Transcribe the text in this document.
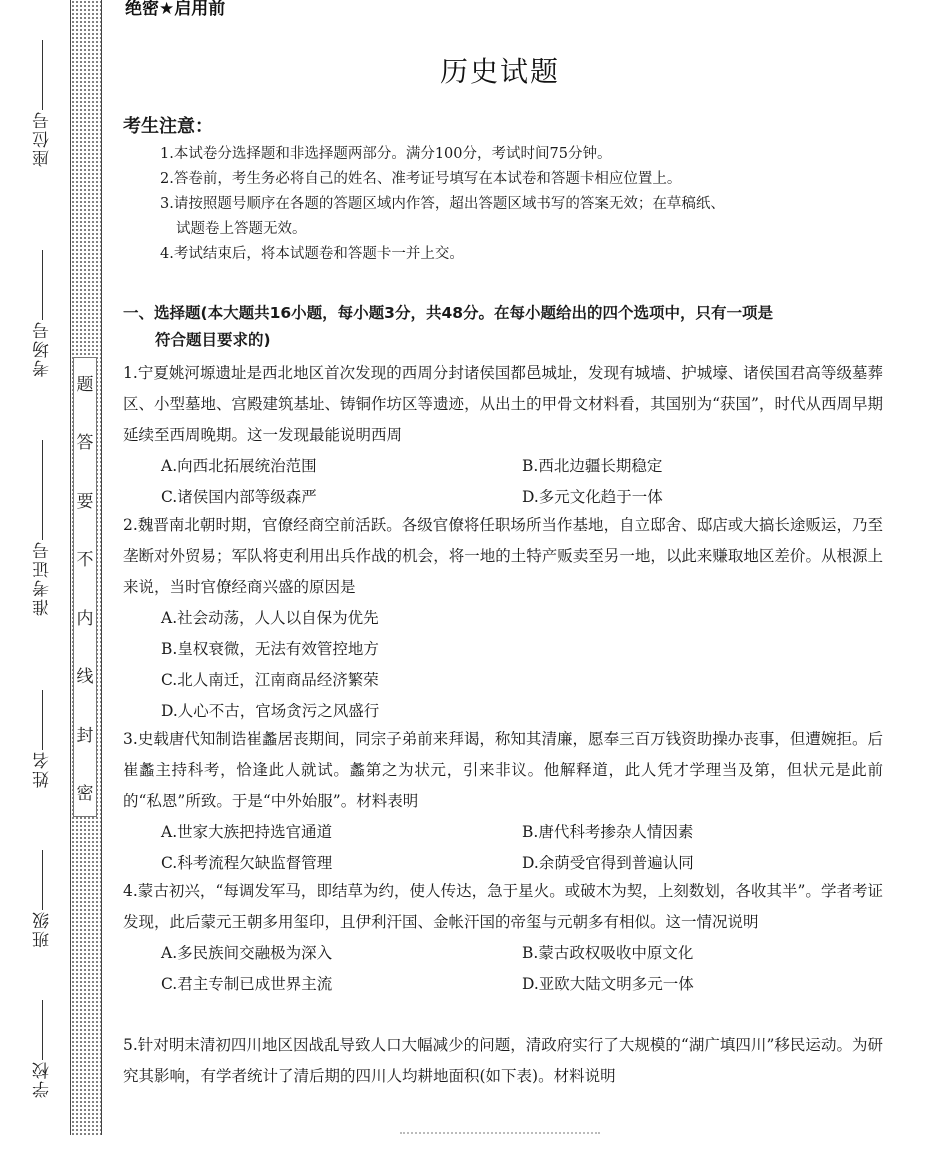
座位号
考场号
准考证号
姓名
班级
学校
题
答
要
不
内
线
封
密
绝密★启用前
历史试题
考生注意：

1.本试卷分选择题和非选择题两部分。满分100分，考试时间75分钟。

2.答卷前，考生务必将自己的姓名、准考证号填写在本试卷和答题卡相应位置上。

3.请按照题号顺序在各题的答题区域内作答，超出答题区域书写的答案无效；在草稿纸、

试题卷上答题无效。

4.考试结束后，将本试题卷和答题卡一并上交。

一、选择题(本大题共16小题，每小题3分，共48分。在每小题给出的四个选项中，只有一项是
符合题目要求的)

1.宁夏姚河塬遗址是西北地区首次发现的西周分封诸侯国都邑城址，发现有城墙、护城壕、诸侯国君高等级墓葬区、小型墓地、宫殿建筑基址、铸铜作坊区等遗迹，从出土的甲骨文材料看，其国别为“获国”，时代从西周早期延续至西周晚期。这一发现最能说明西周

A.向西北拓展统治范围	B.西北边疆长期稳定
C.诸侯国内部等级森严	D.多元文化趋于一体

2.魏晋南北朝时期，官僚经商空前活跃。各级官僚将任职场所当作基地，自立邸舍、邸店或大搞长途贩运，乃至垄断对外贸易；军队将吏利用出兵作战的机会，将一地的土特产贩卖至另一地，以此来赚取地区差价。从根源上来说，当时官僚经商兴盛的原因是

A.社会动荡，人人以自保为优先
B.皇权衰微，无法有效管控地方
C.北人南迁，江南商品经济繁荣
D.人心不古，官场贪污之风盛行

3.史载唐代知制诰崔蠡居丧期间，同宗子弟前来拜谒，称知其清廉，愿奉三百万钱资助操办丧事，但遭婉拒。后崔蠡主持科考，恰逢此人就试。蠡第之为状元，引来非议。他解释道，此人凭才学理当及第，但状元是此前的“私恩”所致。于是“中外始服”。材料表明

A.世家大族把持选官通道	B.唐代科考掺杂人情因素
C.科考流程欠缺监督管理	D.余荫受官得到普遍认同

4.蒙古初兴，“每调发军马，即结草为约，使人传达，急于星火。或破木为契，上刻数划，各收其半”。学者考证发现，此后蒙元王朝多用玺印，且伊利汗国、金帐汗国的帝玺与元朝多有相似。这一情况说明

A.多民族间交融极为深入	B.蒙古政权吸收中原文化
C.君主专制已成世界主流	D.亚欧大陆文明多元一体

5.针对明末清初四川地区因战乱导致人口大幅减少的问题，清政府实行了大规模的“湖广填四川”移民运动。为研究其影响，有学者统计了清后期的四川人均耕地面积(如下表)。材料说明
